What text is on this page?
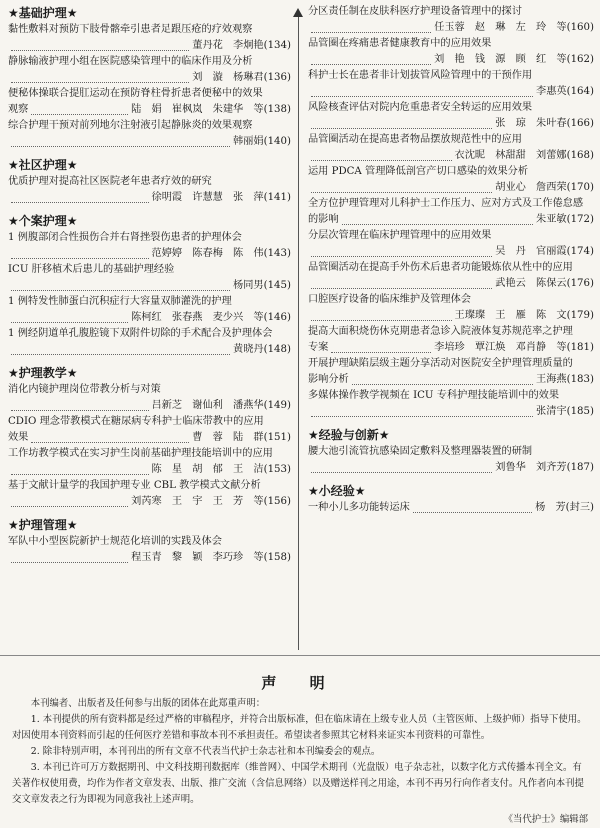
★基础护理★
黏性敷料对预防下肢骨髂牵引患者足跟压疮的疗效观察
董丹花　李炯艳 (134)
静脉输液护理小组在医院感染管理中的临床作用及分析
刘　漩　杨琳君 (136)
便秘体操联合提肛运动在预防脊柱骨折患者便秘中的效果
观察	陆　娟　崔枫岚　朱建华　等 (138)
综合护理干预对前列地尔注射液引起静脉炎的效果观察
韩丽娟 (140)
★社区护理★
优质护理对提高社区医院老年患者疗效的研究
徐明霞　许慧慧　张　萍 (141)
★个案护理★
1 例腹部闭合性损伤合并右肾挫裂伤患者的护理体会
范婷婷　陈春梅　陈　伟 (143)
ICU 肝移植术后患儿的基础护理经验
杨同男 (145)
1 例特发性肺蛋白沉积症行大容量双肺灌洗的护理
陈柯红　张春燕　麦少兴　等 (146)
1 例经阴道单孔腹腔镜下双附件切除的手术配合及护理体会
黄晓丹 (148)
★护理教学★
消化内镜护理岗位带教分析与对策
吕新芝　谢仙利　潘燕华 (149)
CDIO 理念带教模式在糖尿病专科护士临床带教中的应用
效果	曹　蓉　陆　群 (151)
工作坊教学模式在实习护生岗前基础护理技能培训中的应用
陈　星　胡　郁　王　洁 (153)
基于文献计量学的我国护理专业 CBL 教学模式文献分析
刘芮寒　王　宇　王　芳　等 (156)
★护理管理★
军队中小型医院新护士规范化培训的实践及体会
程玉青　黎　颖　李巧珍　等 (158)
分区责任制在皮肤科医疗护理设备管理中的探讨
任玉蓉　赵　琳　左　玲　等 (160)
品管圈在疼痛患者健康教育中的应用效果
刘　艳　钱　源　顾　红　等 (162)
科护士长在患者非计划拔管风险管理中的干预作用
李惠英 (164)
风险核查评估对院内危重患者安全转运的应用效果
张　琼　朱叶春 (166)
品管圈活动在提高患者物品摆放规范性中的应用
衣沈昵　林甜甜　刘蕾娜 (168)
运用 PDCA 管理降低剖宫产切口感染的效果分析
胡业心　詹西荣 (170)
全方位护理管理对儿科护士工作压力、应对方式及工作倦怠感
的影响	朱亚敏 (172)
分层次管理在临床护理管理中的应用效果
吴　丹　官丽霞 (174)
品管圈活动在提高手外伤术后患者功能锻炼依从性中的应用
武艳云　陈保云 (176)
口腔医疗设备的临床维护及管理体会
王璨璨　王　雁　陈　文 (179)
提高大面积烧伤休克期患者急诊入院液体复苏规范率之护理
专案	李培珍　覃江焕　邓肖静　等 (181)
开展护理缺陷层级主题分享活动对医院安全护理管理质量的
影响分析	王海燕 (183)
多媒体操作教学视频在 ICU 专科护理技能培训中的效果
张清宇 (185)
★经验与创新★
腰大池引流管抗感染固定敷料及整理器装置的研制
刘鲁华　刘齐芳 (187)
★小经验★
一种小儿多功能转运床	杨　芳 (封三)
声 明

本刊编者、出版者及任何参与出版的团体在此郑重声明：

1. 本刊提供的所有资料都是经过严格的审稿程序，并符合出版标准，但在临床请在上级专业人员（主管医师、上级护师）指导下使用。对因使用本刊资料而引起的任何医疗差错和事故本刊不承担责任。希望读者参照其它材料来证实本刊资料的可靠性。

2. 除非特别声明，本刊刊出的所有文章不代表当代护士杂志社和本刊编委会的观点。

3. 本刊已许可万方数据期刊、中文科技期刊数据库（维普网）、中国学术期刊（光盘版）电子杂志社，以数字化方式传播本刊全文。有关著作权使用费，均作为作者文章发表、出版、推广交流（含信息网络）以及赠送样刊之用途，本刊不再另行向作者支付。凡作者向本刊提交文章发表之行为即视为同意我社上述声明。

《当代护士》编辑部
